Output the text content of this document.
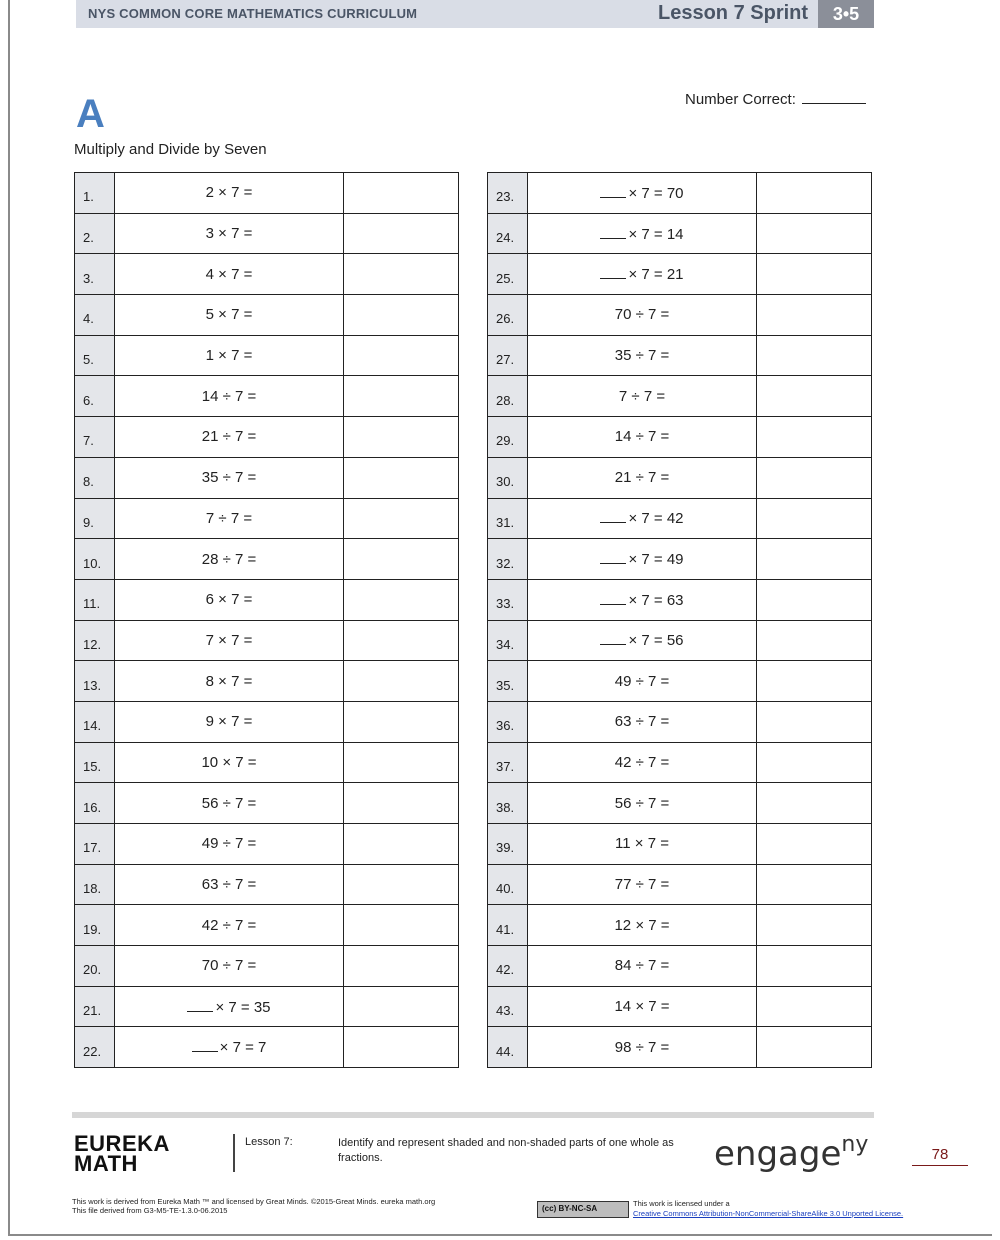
NYS COMMON CORE MATHEMATICS CURRICULUM	Lesson 7 Sprint	3•5
A	Number Correct:
Multiply and Divide by Seven
1.	2 × 7 =	
2.	3 × 7 =	
3.	4 × 7 =	
4.	5 × 7 =	
5.	1 × 7 =	
6.	14 ÷ 7 =	
7.	21 ÷ 7 =	
8.	35 ÷ 7 =	
9.	7 ÷ 7 =	
10.	28 ÷ 7 =	
11.	6 × 7 =	
12.	7 × 7 =	
13.	8 × 7 =	
14.	9 × 7 =	
15.	10 × 7 =	
16.	56 ÷ 7 =	
17.	49 ÷ 7 =	
18.	63 ÷ 7 =	
19.	42 ÷ 7 =	
20.	70 ÷ 7 =	
21.	× 7 = 35	
22.	× 7 = 7	
23.	× 7 = 70	
24.	× 7 = 14	
25.	× 7 = 21	
26.	70 ÷ 7 =	
27.	35 ÷ 7 =	
28.	7 ÷ 7 =	
29.	14 ÷ 7 =	
30.	21 ÷ 7 =	
31.	× 7 = 42	
32.	× 7 = 49	
33.	× 7 = 63	
34.	× 7 = 56	
35.	49 ÷ 7 =	
36.	63 ÷ 7 =	
37.	42 ÷ 7 =	
38.	56 ÷ 7 =	
39.	11 × 7 =	
40.	77 ÷ 7 =	
41.	12 × 7 =	
42.	84 ÷ 7 =	
43.	14 × 7 =	
44.	98 ÷ 7 =	
EUREKA
MATH
Lesson 7:	Identify and represent shaded and non-shaded parts of one whole as fractions.	engage$^{ny}$	78
This work is derived from Eureka Math ™ and licensed by Great Minds. ©2015-Great Minds. eureka math.org
This file derived from G3-M5-TE-1.3.0-06.2015	(cc) BY-NC-SA
This work is licensed under a
Creative Commons Attribution-NonCommercial-ShareAlike 3.0 Unported License.
